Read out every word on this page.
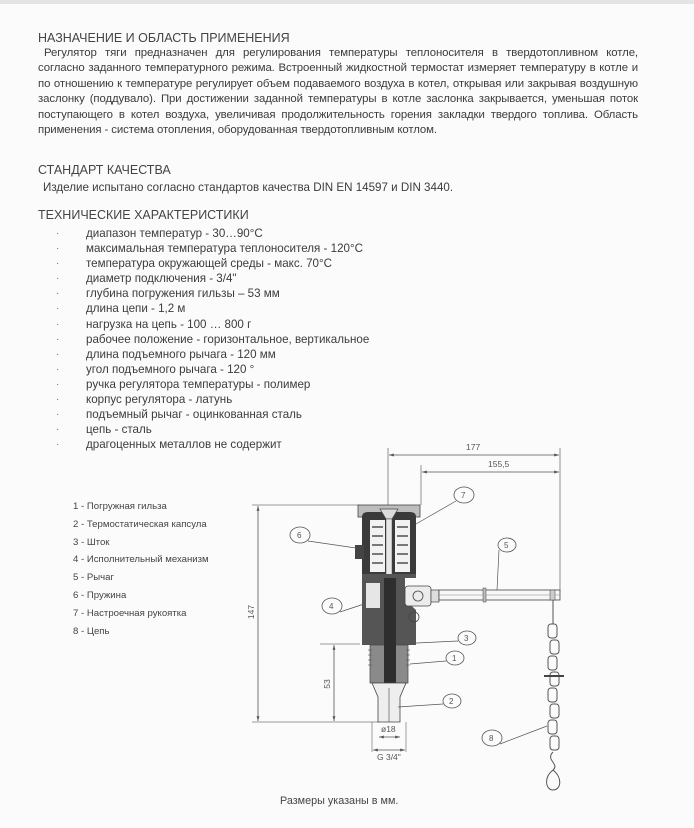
НАЗНАЧЕНИЕ И ОБЛАСТЬ ПРИМЕНЕНИЯ
Регулятор тяги предназначен для регулирования температуры теплоносителя в твердотопливном котле, согласно заданного температурного режима. Встроенный жидкостной термостат измеряет температуру в котле и по отношению к температуре регулирует объем подаваемого воздуха в котел, открывая или закрывая воздушную заслонку (поддувало). При достижении заданной температуры в котле заслонка закрывается, уменьшая поток поступающего в котел воздуха, увеличивая продолжительность горения закладки твердого топлива. Область применения - система отопления, оборудованная твердотопливным котлом.
СТАНДАРТ КАЧЕСТВА
Изделие испытано согласно стандартов качества DIN EN 14597 и DIN 3440.
ТЕХНИЧЕСКИЕ ХАРАКТЕРИСТИКИ
· диапазон температур - 30…90°C
· максимальная температура теплоносителя - 120°C
· температура окружающей среды - макс. 70°C
· диаметр подключения - 3/4"
· глубина погружения гильзы – 53 мм
· длина цепи - 1,2 м
· нагрузка на цепь - 100 … 800 г
· рабочее положение - горизонтальное, вертикальное
· длина подъемного рычага - 120 мм
· угол подъемного рычага - 120 °
· ручка регулятора температуры - полимер
· корпус регулятора - латунь
· подъемный рычаг - оцинкованная сталь
· цепь - сталь
· драгоценных металлов не содержит
1 - Погружная гильза
2 - Термостатическая капсула
3 - Шток
4 - Исполнительный механизм
5 - Рычаг
6 - Пружина
7 - Настроечная рукоятка
8 - Цепь
177
155,5
147
53
ø18
G 3/4"
1
2
3
4
5
6
7
8
Размеры указаны в мм.
